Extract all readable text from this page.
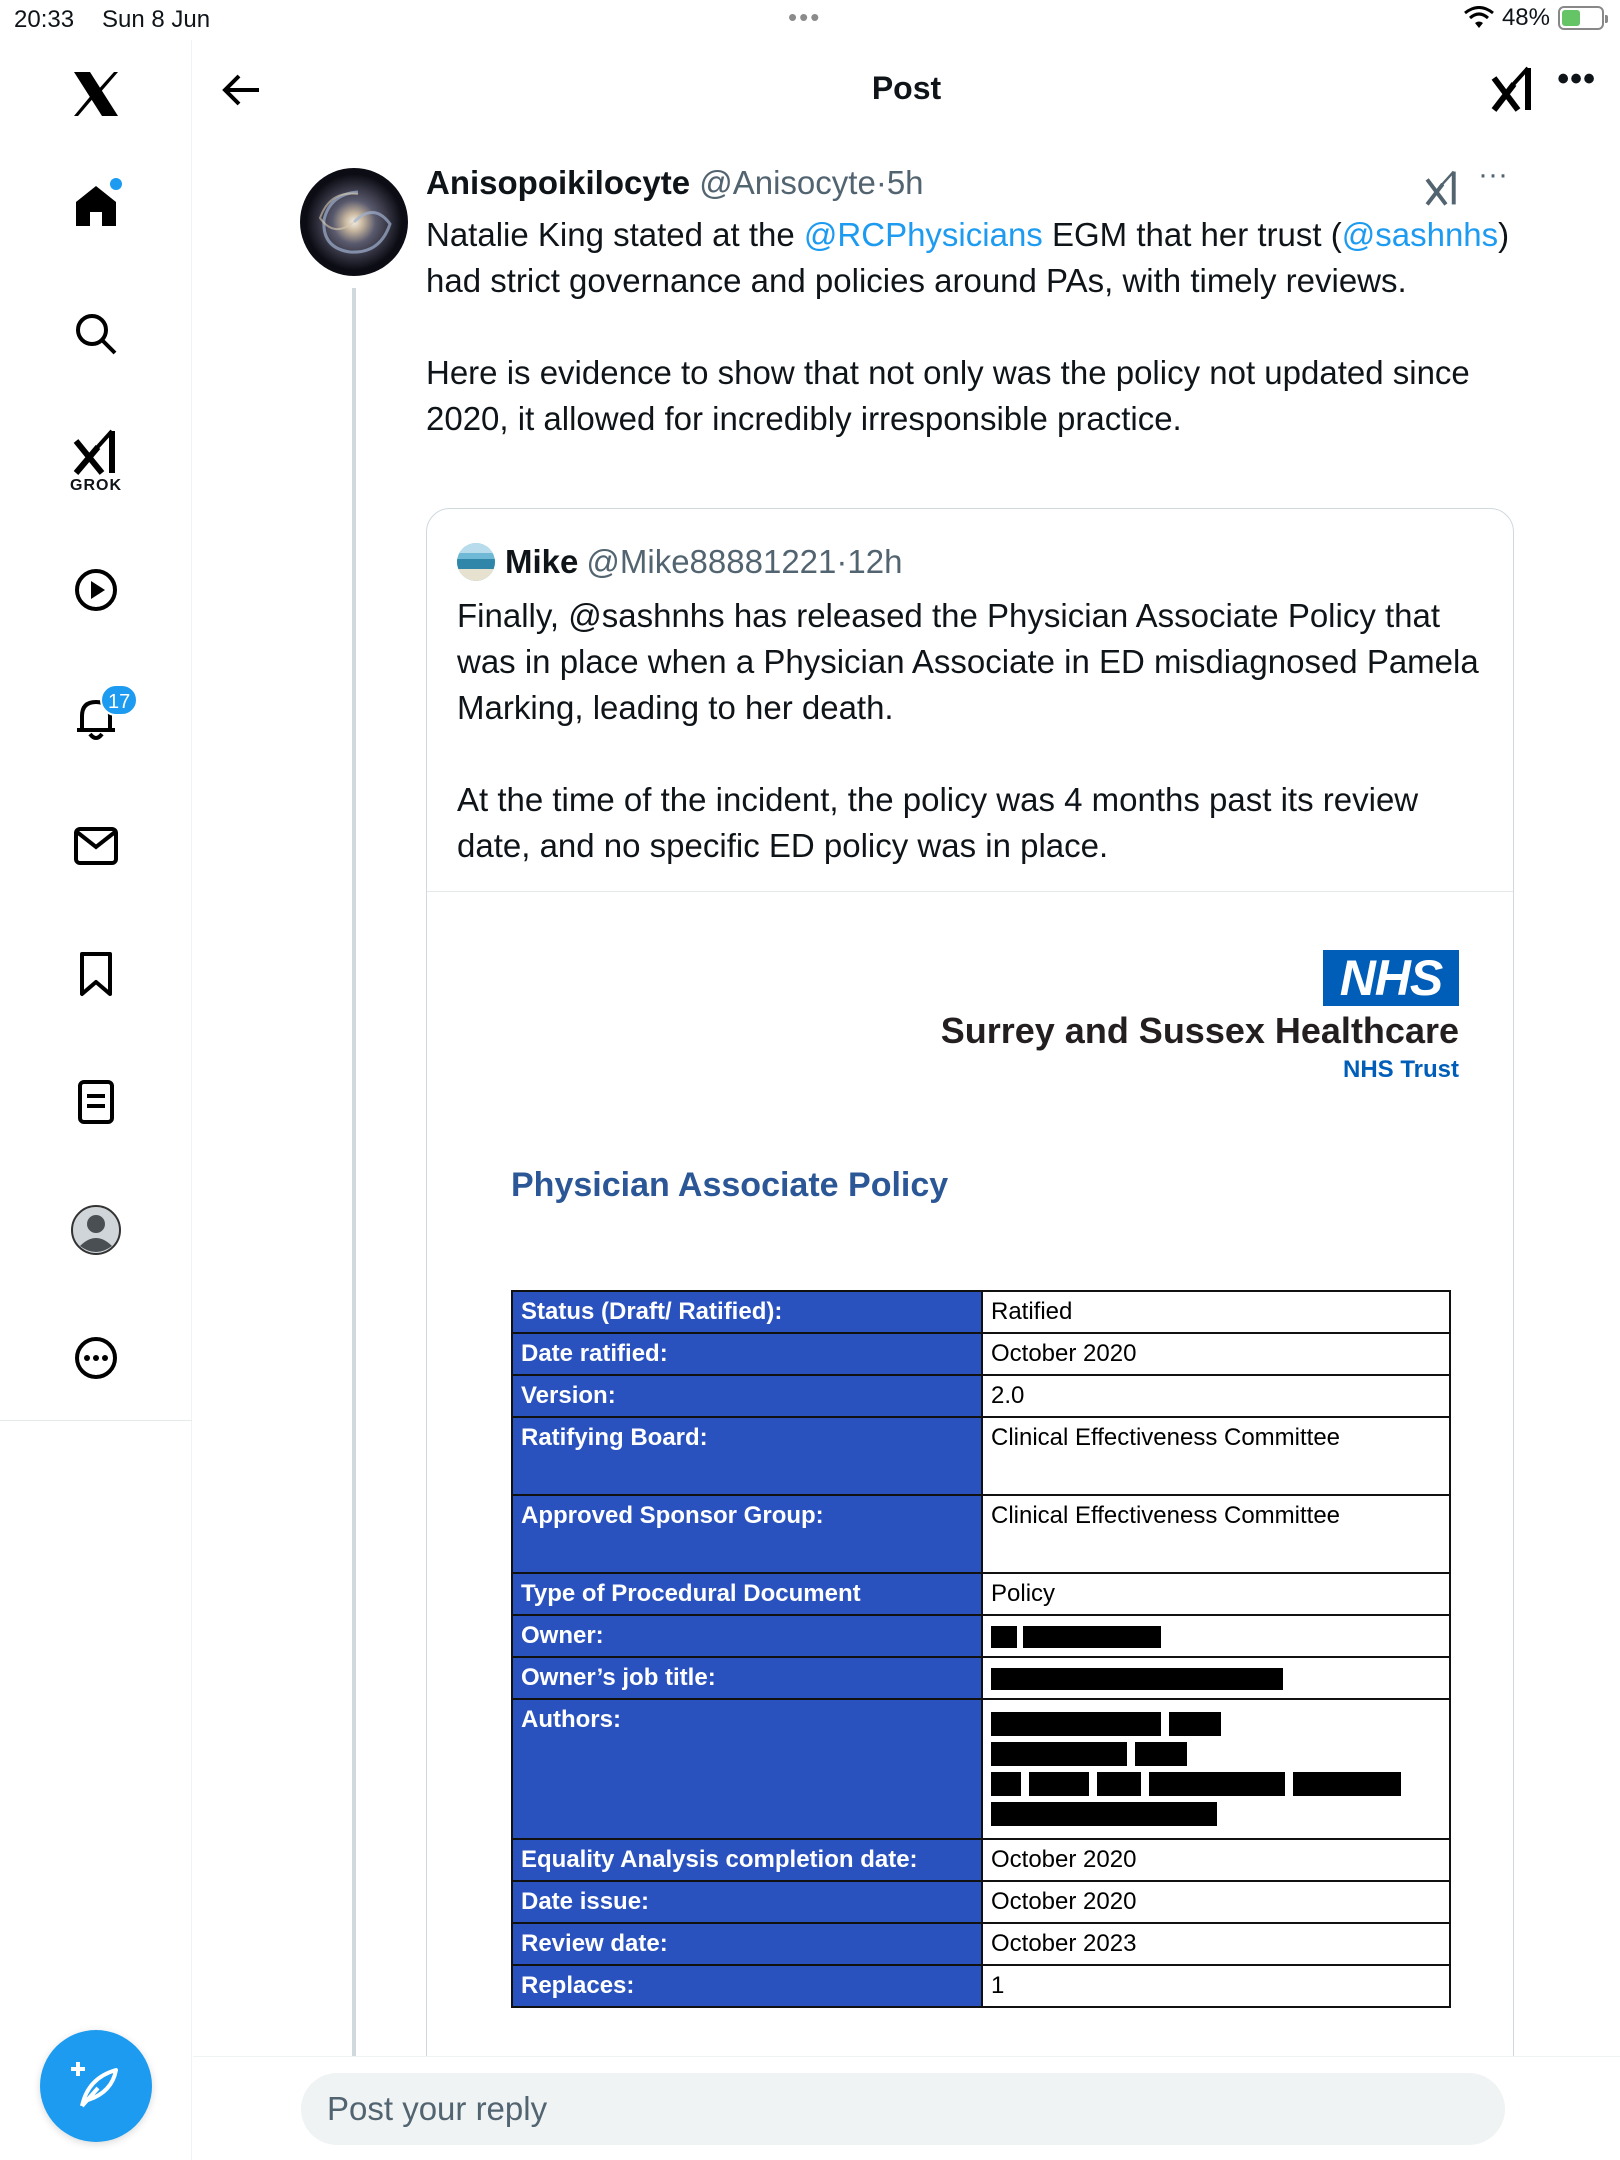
20:33 Sun 8 Jun	•••	48%
GROK
17
Post	•••
Anisopoikilocyte @Anisocyte·5h	···

Natalie King stated at the @RCPhysicians EGM that her trust (@sashnhs) had strict governance and policies around PAs, with timely reviews.

Here is evidence to show that not only was the policy not updated since 2020, it allowed for incredibly irresponsible practice.

Mike @Mike88881221 · 12h

Finally, @sashnhs has released the Physician Associate Policy that was in place when a Physician Associate in ED misdiagnosed Pamela Marking, leading to her death.

At the time of the incident, the policy was 4 months past its review date, and no specific ED policy was in place.

NHS
Surrey and Sussex Healthcare
NHS Trust
Physician Associate Policy
Status (Draft/ Ratified):	Ratified
Date ratified:	October 2020
Version:	2.0
Ratifying Board:	Clinical Effectiveness Committee
Approved Sponsor Group:	Clinical Effectiveness Committee
Type of Procedural Document	Policy
Owner:	
Owner’s job title:	
Authors:	

Equality Analysis completion date:	October 2020
Date issue:	October 2020
Review date:	October 2023
Replaces:	1
Post your reply
